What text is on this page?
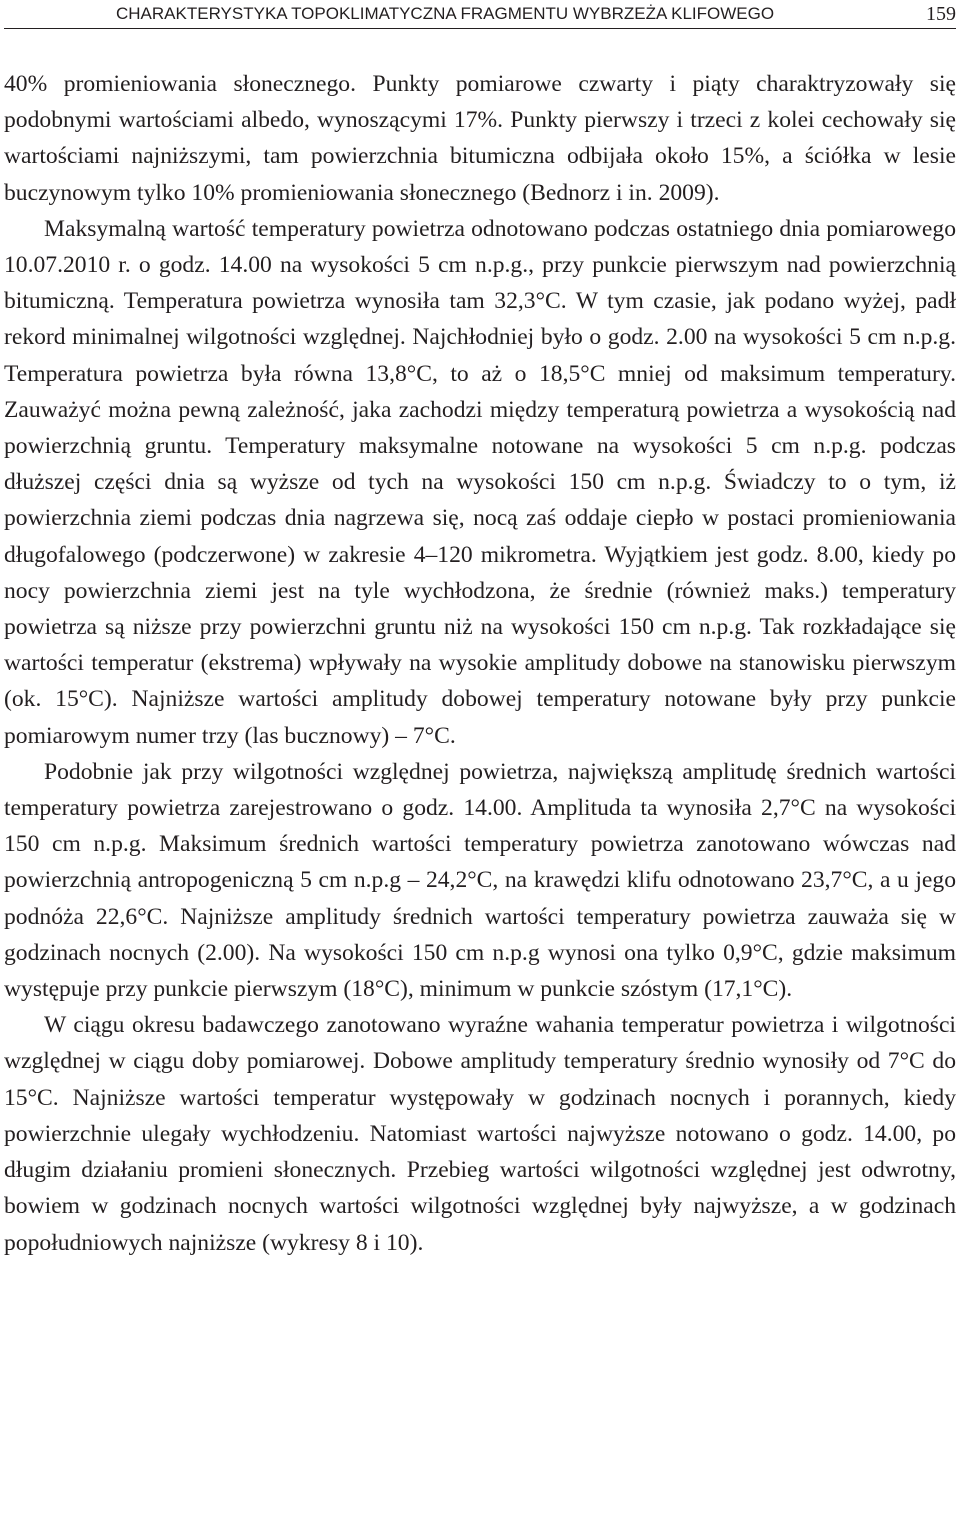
CHARAKTERYSTYKA TOPOKLIMATYCZNA FRAGMENTU WYBRZEŻA KLIFOWEGO	159

40% promieniowania słonecznego. Punkty pomiarowe czwarty i piąty charaktryzowały się podobnymi wartościami albedo, wynoszącymi 17%. Punkty pierwszy i trzeci z kolei cechowały się wartościami najniższymi, tam powierzchnia bitumiczna odbijała około 15%, a ściółka w lesie buczynowym tylko 10% promieniowania słonecznego (Bednorz i in. 2009).

Maksymalną wartość temperatury powietrza odnotowano podczas ostatniego dnia pomiarowego 10.07.2010 r. o godz. 14.00 na wysokości 5 cm n.p.g., przy punkcie pierwszym nad powierzchnią bitumiczną. Temperatura powietrza wynosiła tam 32,3°C. W tym czasie, jak podano wyżej, padł rekord minimalnej wilgotności względnej. Najchłodniej było o godz. 2.00 na wysokości 5 cm n.p.g. Temperatura powietrza była równa 13,8°C, to aż o 18,5°C mniej od maksimum temperatury. Zauważyć można pewną zależność, jaka zachodzi między temperaturą powietrza a wysokością nad powierzchnią gruntu. Temperatury maksymalne notowane na wysokości 5 cm n.p.g. podczas dłuższej części dnia są wyższe od tych na wysokości 150 cm n.p.g. Świadczy to o tym, iż powierzchnia ziemi podczas dnia nagrzewa się, nocą zaś oddaje ciepło w postaci promieniowania długofalowego (podczerwone) w zakresie 4–120 mikrometra. Wyjątkiem jest godz. 8.00, kiedy po nocy powierzchnia ziemi jest na tyle wychłodzona, że średnie (również maks.) temperatury powietrza są niższe przy powierzchni gruntu niż na wysokości 150 cm n.p.g. Tak rozkładające się wartości temperatur (ekstrema) wpływały na wysokie amplitudy dobowe na stanowisku pierwszym (ok. 15°C). Najniższe wartości amplitudy dobowej temperatury notowane były przy punkcie pomiarowym numer trzy (las bucznowy) – 7°C.

Podobnie jak przy wilgotności względnej powietrza, największą amplitudę średnich wartości temperatury powietrza zarejestrowano o godz. 14.00. Amplituda ta wynosiła 2,7°C na wysokości 150 cm n.p.g. Maksimum średnich wartości temperatury powietrza zanotowano wówczas nad powierzchnią antropogeniczną 5 cm n.p.g – 24,2°C, na krawędzi klifu odnotowano 23,7°C, a u jego podnóża 22,6°C. Najniższe amplitudy średnich wartości temperatury powietrza zauważa się w godzinach nocnych (2.00). Na wysokości 150 cm n.p.g wynosi ona tylko 0,9°C, gdzie maksimum występuje przy punkcie pierwszym (18°C), minimum w punkcie szóstym (17,1°C).

W ciągu okresu badawczego zanotowano wyraźne wahania temperatur powietrza i wilgotności względnej w ciągu doby pomiarowej. Dobowe amplitudy temperatury średnio wynosiły od 7°C do 15°C. Najniższe wartości temperatur występowały w godzinach nocnych i porannych, kiedy powierzchnie ulegały wychłodzeniu. Natomiast wartości najwyższe notowano o godz. 14.00, po długim działaniu promieni słonecznych. Przebieg wartości wilgotności względnej jest odwrotny, bowiem w godzinach nocnych wartości wilgotności względnej były najwyższe, a w godzinach popołudniowych najniższe (wykresy 8 i 10).
